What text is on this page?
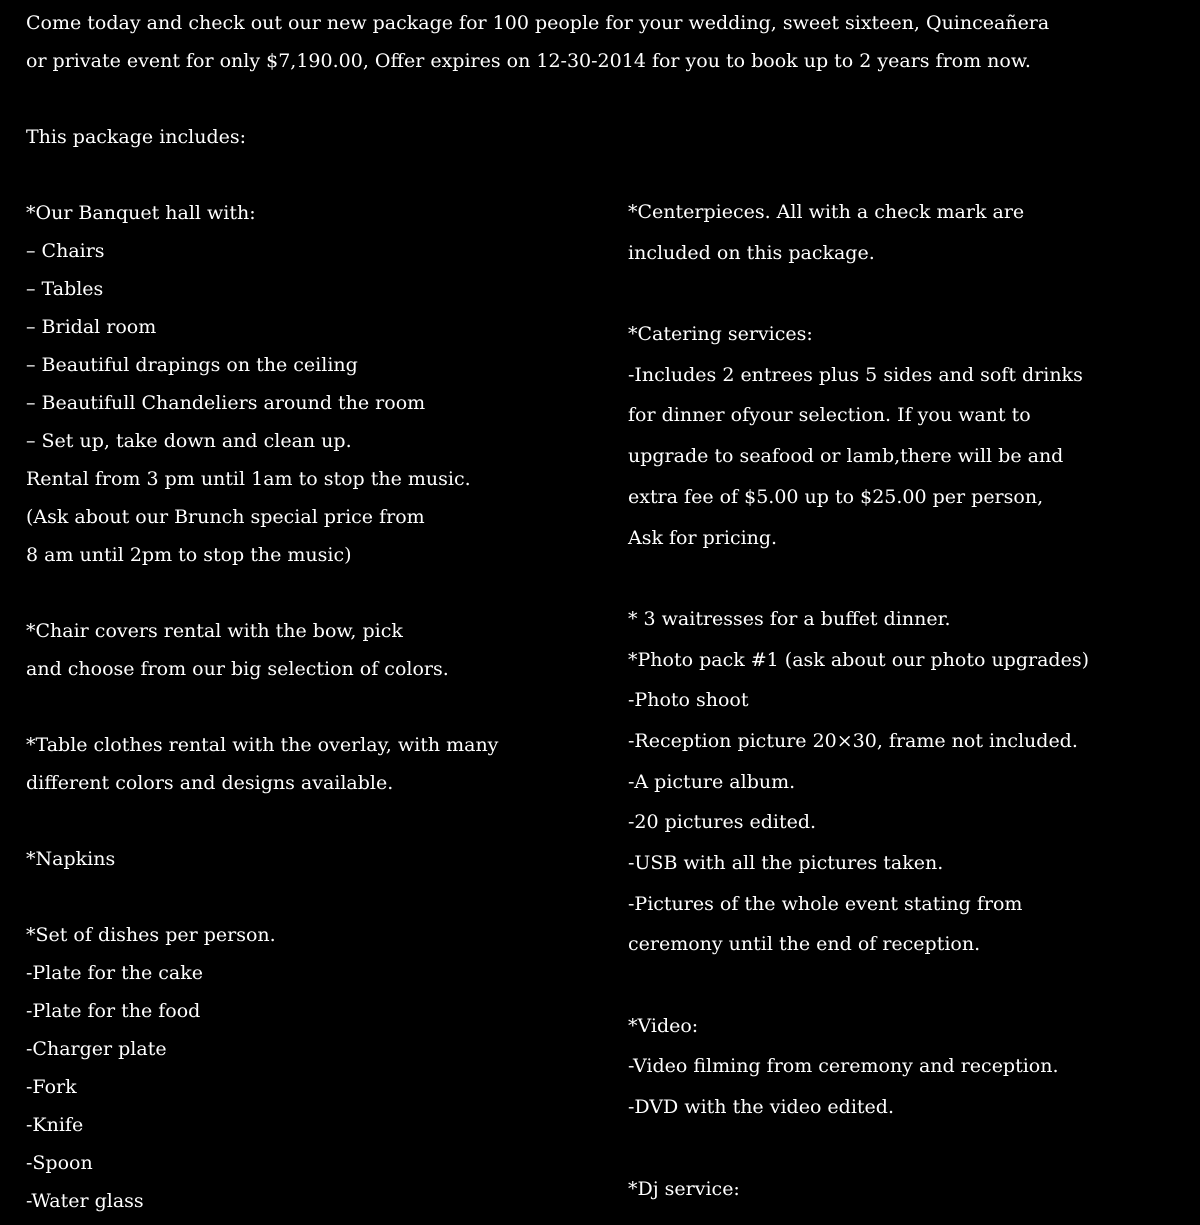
Come today and check out our new package for 100 people for your wedding, sweet sixteen, Quinceañera
or private event for only $7,190.00, Offer expires on 12-30-2014 for you to book up to 2 years from now.
This package includes:
*Our Banquet hall with:
– Chairs
– Tables
– Bridal room
– Beautiful drapings on the ceiling
– Beautifull Chandeliers around the room
– Set up, take down and clean up.
Rental from 3 pm until 1am to stop the music.
(Ask about our Brunch special price from
8 am until 2pm to stop the music)
*Chair covers rental with the bow, pick
and choose from our big selection of colors.
*Table clothes rental with the overlay, with many
different colors and designs available.
*Napkins
*Set of dishes per person.
-Plate for the cake
-Plate for the food
-Charger plate
-Fork
-Knife
-Spoon
-Water glass
*Centerpieces. All with a check mark are
included on this package.
*Catering services:
-Includes 2 entrees plus 5 sides and soft drinks
for dinner ofyour selection. If you want to
upgrade to seafood or lamb,there will be and
extra fee of $5.00 up to $25.00 per person,
Ask for pricing.
* 3 waitresses for a buffet dinner.
*Photo pack #1 (ask about our photo upgrades)
-Photo shoot
-Reception picture 20×30, frame not included.
-A picture album.
-20 pictures edited.
-USB with all the pictures taken.
-Pictures of the whole event stating from
ceremony until the end of reception.
*Video:
-Video filming from ceremony and reception.
-DVD with the video edited.
*Dj service:
